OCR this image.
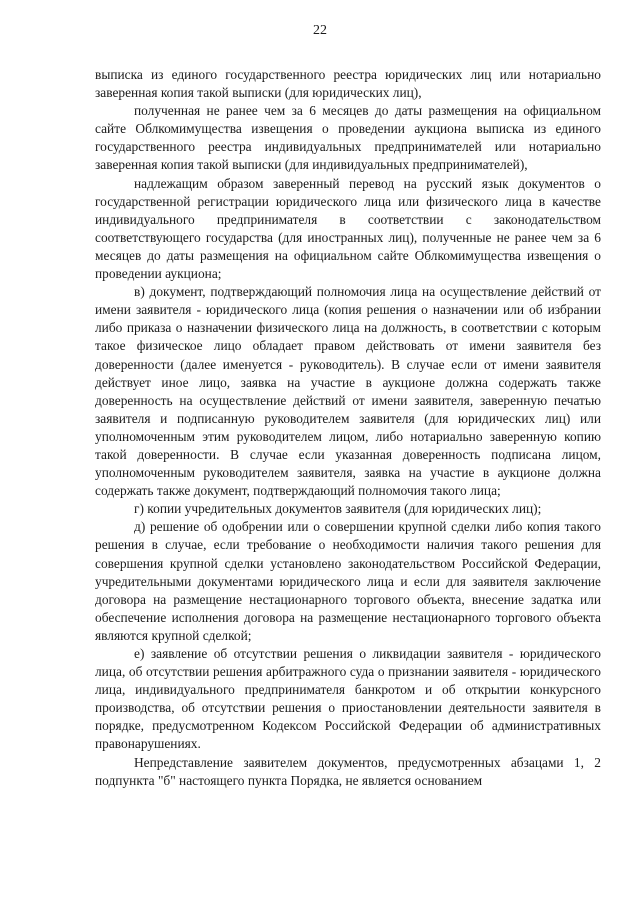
22

выписка из единого государственного реестра юридических лиц или нотариально заверенная копия такой выписки (для юридических лиц),

полученная не ранее чем за 6 месяцев до даты размещения на официальном сайте Облкомимущества извещения о проведении аукциона выписка из единого государственного реестра индивидуальных предпринимателей или нотариально заверенная копия такой выписки (для индивидуальных предпринимателей),

надлежащим образом заверенный перевод на русский язык документов о государственной регистрации юридического лица или физического лица в качестве индивидуального предпринимателя в соответствии с законодательством соответствующего государства (для иностранных лиц), полученные не ранее чем за 6 месяцев до даты размещения на официальном сайте Облкомимущества извещения о проведении аукциона;

в) документ, подтверждающий полномочия лица на осуществление действий от имени заявителя - юридического лица (копия решения о назначении или об избрании либо приказа о назначении физического лица на должность, в соответствии с которым такое физическое лицо обладает правом действовать от имени заявителя без доверенности (далее именуется - руководитель). В случае если от имени заявителя действует иное лицо, заявка на участие в аукционе должна содержать также доверенность на осуществление действий от имени заявителя, заверенную печатью заявителя и подписанную руководителем заявителя (для юридических лиц) или уполномоченным этим руководителем лицом, либо нотариально заверенную копию такой доверенности. В случае если указанная доверенность подписана лицом, уполномоченным руководителем заявителя, заявка на участие в аукционе должна содержать также документ, подтверждающий полномочия такого лица;

г) копии учредительных документов заявителя (для юридических лиц);

д) решение об одобрении или о совершении крупной сделки либо копия такого решения в случае, если требование о необходимости наличия такого решения для совершения крупной сделки установлено законодательством Российской Федерации, учредительными документами юридического лица и если для заявителя заключение договора на размещение нестационарного торгового объекта, внесение задатка или обеспечение исполнения договора на размещение нестационарного торгового объекта являются крупной сделкой;

е) заявление об отсутствии решения о ликвидации заявителя - юридического лица, об отсутствии решения арбитражного суда о признании заявителя - юридического лица, индивидуального предпринимателя банкротом и об открытии конкурсного производства, об отсутствии решения о приостановлении деятельности заявителя в порядке, предусмотренном Кодексом Российской Федерации об административных правонарушениях.

Непредставление заявителем документов, предусмотренных абзацами 1, 2 подпункта "б" настоящего пункта Порядка, не является основанием
